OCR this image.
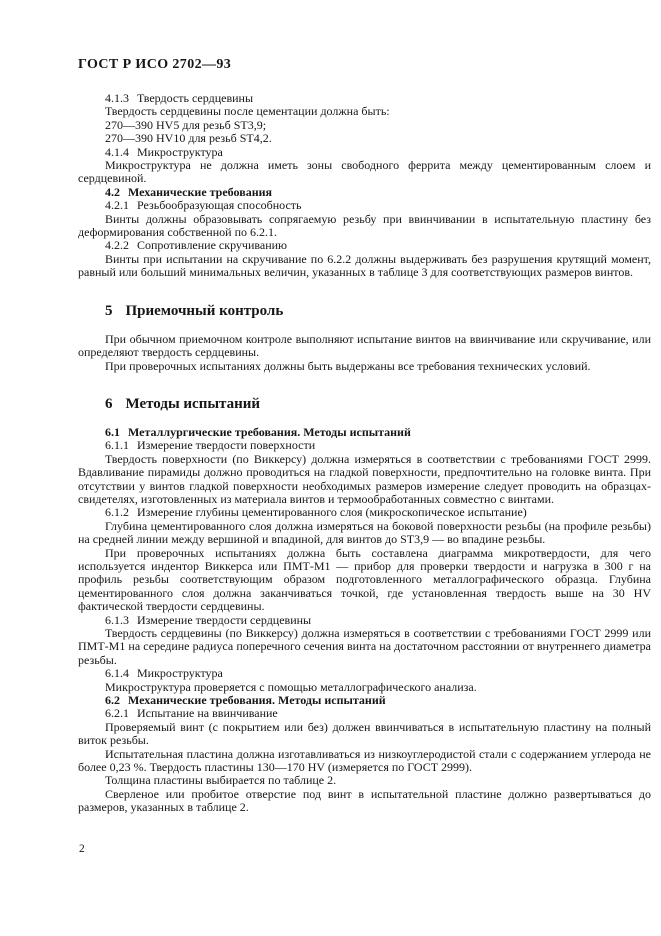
ГОСТ Р ИСО 2702—93
4.1.3 Твердость сердцевины
Твердость сердцевины после цементации должна быть:
270—390 HV5 для резьб ST3,9;
270—390 HV10 для резьб ST4,2.
4.1.4 Микроструктура
Микроструктура не должна иметь зоны свободного феррита между цементированным слоем и сердцевиной.
4.2 Механические требования
4.2.1 Резьбообразующая способность
Винты должны образовывать сопрягаемую резьбу при ввинчивании в испытательную пластину без деформирования собственной по 6.2.1.
4.2.2 Сопротивление скручиванию
Винты при испытании на скручивание по 6.2.2 должны выдерживать без разрушения крутящий момент, равный или больший минимальных величин, указанных в таблице 3 для соответствующих размеров винтов.
5 Приемочный контроль
При обычном приемочном контроле выполняют испытание винтов на ввинчивание или скручивание, или определяют твердость сердцевины.
При проверочных испытаниях должны быть выдержаны все требования технических условий.
6 Методы испытаний
6.1 Металлургические требования. Методы испытаний
6.1.1 Измерение твердости поверхности
Твердость поверхности (по Виккерсу) должна измеряться в соответствии с требованиями ГОСТ 2999. Вдавливание пирамиды должно проводиться на гладкой поверхности, предпочтительно на головке винта. При отсутствии у винтов гладкой поверхности необходимых размеров измерение следует проводить на образцах-свидетелях, изготовленных из материала винтов и термообработанных совместно с винтами.
6.1.2 Измерение глубины цементированного слоя (микроскопическое испытание)
Глубина цементированного слоя должна измеряться на боковой поверхности резьбы (на профиле резьбы) на средней линии между вершиной и впадиной, для винтов до ST3,9 — во впадине резьбы.
При проверочных испытаниях должна быть составлена диаграмма микротвердости, для чего используется индентор Виккерса или ПМТ-М1 — прибор для проверки твердости и нагрузка в 300 г на профиль резьбы соответствующим образом подготовленного металлографического образца. Глубина цементированного слоя должна заканчиваться точкой, где установленная твердость выше на 30 HV фактической твердости сердцевины.
6.1.3 Измерение твердости сердцевины
Твердость сердцевины (по Виккерсу) должна измеряться в соответствии с требованиями ГОСТ 2999 или ПМТ-М1 на середине радиуса поперечного сечения винта на достаточном расстоянии от внутреннего диаметра резьбы.
6.1.4 Микроструктура
Микроструктура проверяется с помощью металлографического анализа.
6.2 Механические требования. Методы испытаний
6.2.1 Испытание на ввинчивание
Проверяемый винт (с покрытием или без) должен ввинчиваться в испытательную пластину на полный виток резьбы.
Испытательная пластина должна изготавливаться из низкоуглеродистой стали с содержанием углерода не более 0,23 %. Твердость пластины 130—170 HV (измеряется по ГОСТ 2999).
Толщина пластины выбирается по таблице 2.
Сверленое или пробитое отверстие под винт в испытательной пластине должно развертываться до размеров, указанных в таблице 2.
2
